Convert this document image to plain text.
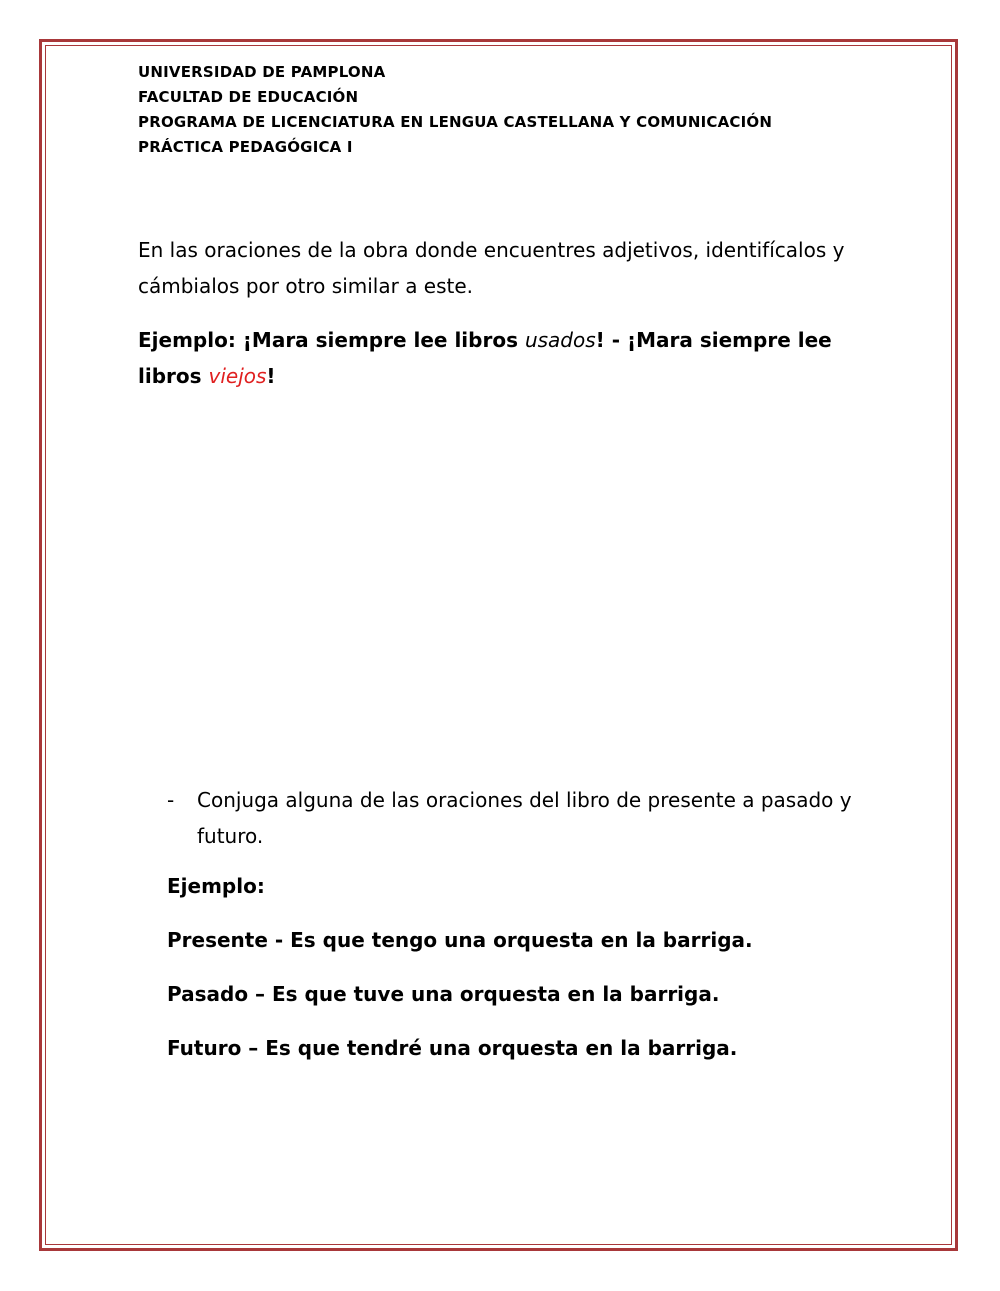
UNIVERSIDAD DE PAMPLONA
FACULTAD DE EDUCACIÓN
PROGRAMA DE LICENCIATURA EN LENGUA CASTELLANA Y COMUNICACIÓN
PRÁCTICA PEDAGÓGICA I
En las oraciones de la obra donde encuentres adjetivos, identifícalos y cámbialos por otro similar a este.
Ejemplo: ¡Mara siempre lee libros usados! - ¡Mara siempre lee libros viejos!
-	Conjuga alguna de las oraciones del libro de presente a pasado y futuro.
Ejemplo:
Presente - Es que tengo una orquesta en la barriga.
Pasado – Es que tuve una orquesta en la barriga.
Futuro – Es que tendré una orquesta en la barriga.
